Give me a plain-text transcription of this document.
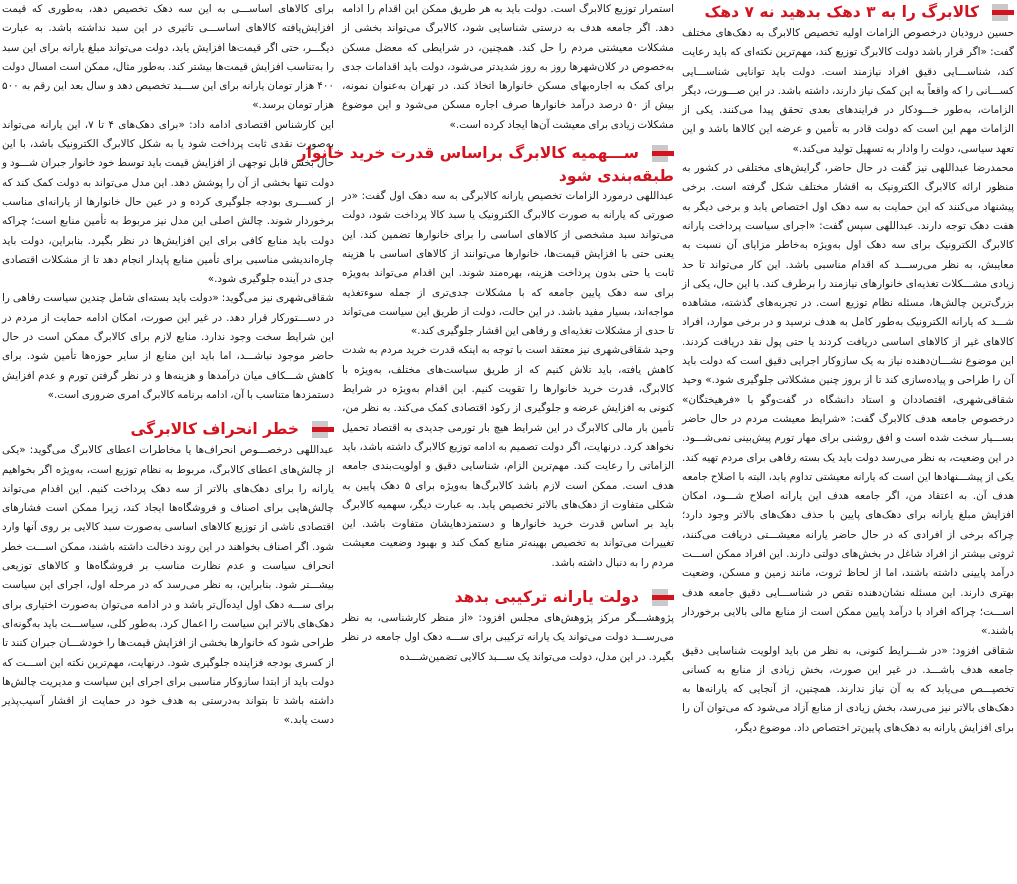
کالابرگ را به ۳ دهک بدهید نه ۷ دهک

حسین درودیان درخصوص الزامات اولیه تخصیص کالابرگ به دهک‌های مختلف گفت: «اگر قرار باشد دولت کالابرگ توزیع کند، مهم‌ترین نکته‌ای که باید رعایت کند، شناســـایی دقیق افراد نیازمند است. دولت باید توانایی شناســـایی کســـانی را که واقعاً به این کمک نیاز دارند، داشته باشد. در این صـــورت، دیگر الزامات، به‌طور خـــودکار در فرایندهای بعدی تحقق پیدا می‌کنند. یکی از الزامات مهم این است که دولت قادر به تأمین و عرضه این کالاها باشد و این تعهد سیاسی، دولت را وادار به تسهیل تولید می‌کند.»

محمدرضا عبداللهی نیز گفت در حال حاضر، گرایش‌های مختلفی در کشور به منظور ارائه کالابرگ الکترونیک به اقشار مختلف شکل گرفته است. برخی پیشنهاد می‌کنند که این حمایت به سه دهک اول اختصاص یابد و برخی دیگر به هفت دهک توجه دارند. عبداللهی سپس گفت: «اجرای سیاست پرداخت یارانه کالابرگ الکترونیک برای سه دهک اول به‌ویژه به‌خاطر مزایای آن نسبت به معایبش، به نظر می‌رســـد که اقدام مناسبی باشد. این کار می‌تواند تا حد زیادی مشـــکلات تغذیه‌ای خانوارهای نیازمند را برطرف کند. با این حال، یکی از بزرگ‌ترین چالش‌ها، مسئله نظام توزیع است. در تجربه‌های گذشته، مشاهده شـــد که یارانه الکترونیک به‌طور کامل به هدف نرسید و در برخی موارد، افراد کالاهای غیر از کالاهای اساسی دریافت کردند یا حتی پول نقد دریافت کردند. این موضوع نشـــان‌دهنده نیاز به یک سازوکار اجرایی دقیق است که دولت باید آن را طراحی و پیاده‌سازی کند تا از بروز چنین مشکلاتی جلوگیری شود.» وحید شقاقی‌شهری، اقتصاددان و استاد دانشگاه در گفت‌وگو با «فرهیختگان» درخصوص جامعه هدف کالابرگ گفت: «شرایط معیشت مردم در حال حاضر بســـیار سخت شده است و افق روشنی برای مهار تورم پیش‌بینی نمی‌شـــود. در این وضعیت، به نظر می‌رسد دولت باید یک بسته رفاهی برای مردم تهیه کند. یکی از پیشـــنهادها این است که یارانه معیشتی تداوم یابد، البته با اصلاح جامعه هدف آن. به اعتقاد من، اگر جامعه هدف این یارانه اصلاح شـــود، امکان افزایش مبلغ یارانه برای دهک‌های پایین با حذف دهک‌های بالاتر وجود دارد؛ چراکه برخی از افرادی که در حال حاضر یارانه معیشـــتی دریافت می‌کنند، ثروتی بیشتر از افراد شاغل در بخش‌های دولتی دارند. این افراد ممکن اســـت درآمد پایینی داشته باشند، اما از لحاظ ثروت، مانند زمین و مسکن، وضعیت بهتری دارند. این مسئله نشان‌دهنده نقص در شناســـایی دقیق جامعه هدف اســـت؛ چراکه افراد با درآمد پایین ممکن است از منابع مالی بالایی برخوردار باشند.»

شقاقی افزود: «در شـــرایط کنونی، به نظر من باید اولویت شناسایی دقیق جامعه هدف باشـــد. در غیر این صورت، بخش زیادی از منابع به کسانی تخصیـــص می‌یابد که به آن نیاز ندارند. همچنین، از آنجایی که یارانه‌ها به دهک‌های بالاتر نیز می‌رسد، بخش زیادی از منابع آزاد می‌شود که می‌توان آن را برای افزایش یارانه به دهک‌های پایین‌تر اختصاص داد. موضوع دیگر،

استمرار توزیع کالابرگ است. دولت باید به هر طریق ممکن این اقدام را ادامه دهد. اگر جامعه هدف به درستی شناسایی شود، کالابرگ می‌تواند بخشی از مشکلات معیشتی مردم را حل کند. همچنین، در شرایطی که معضل مسکن به‌خصوص در کلان‌شهرها روز به روز شدیدتر می‌شود، دولت باید اقدامات جدی برای کمک به اجاره‌بهای مسکن خانوارها اتخاذ کند. در تهران به‌عنوان نمونه، بیش از ۵۰ درصد درآمد خانوارها صرف اجاره مسکن می‌شود و این موضوع مشکلات زیادی برای معیشت آن‌ها ایجاد کرده است.»

ســـهمیه کالابرگ براساس قدرت خرید خانوار
طبقه‌بندی شود

عبداللهی درمورد الزامات تخصیص یارانه کالابرگی به سه دهک اول گفت: «در صورتی که یارانه به صورت کالابرگ الکترونیک یا سبد کالا پرداخت شود، دولت می‌تواند سبد مشخصی از کالاهای اساسی را برای خانوارها تضمین کند. این یعنی حتی با افزایش قیمت‌ها، خانوارها می‌توانند از کالاهای اساسی با هزینه ثابت یا حتی بدون پرداخت هزینه، بهره‌مند شوند. این اقدام می‌تواند به‌ویژه برای سه دهک پایین جامعه که با مشکلات جدی‌تری از جمله سوءتغذیه مواجه‌اند، بسیار مفید باشد. در این حالت، دولت از طریق این سیاست می‌تواند تا حدی از مشکلات تغذیه‌ای و رفاهی این اقشار جلوگیری کند.»

وحید شقاقی‌شهری نیز معتقد است با توجه به اینکه قدرت خرید مردم به شدت کاهش یافته، باید تلاش کنیم که از طریق سیاست‌های مختلف، به‌ویژه با کالابرگ، قدرت خرید خانوارها را تقویت کنیم. این اقدام به‌ویژه در شرایط کنونی به افزایش عرضه و جلوگیری از رکود اقتصادی کمک می‌کند. به نظر من، تأمین بار مالی کالابرگ در این شرایط هیچ بار تورمی جدیدی به اقتصاد تحمیل نخواهد کرد. درنهایت، اگر دولت تصمیم به ادامه توزیع کالابرگ داشته باشد، باید الزاماتی را رعایت کند. مهم‌ترین الزام، شناسایی دقیق و اولویت‌بندی جامعه هدف است. ممکن است لازم باشد کالابرگ‌ها به‌ویژه برای ۵ دهک پایین به شکلی متفاوت از دهک‌های بالاتر تخصیص یابد. به عبارت دیگر، سهمیه کالابرگ باید بر اساس قدرت خرید خانوارها و دستمزدهایشان متفاوت باشد. این تغییرات می‌تواند به تخصیص بهینه‌تر منابع کمک کند و بهبود وضعیت معیشت مردم را به دنبال داشته باشد.

دولت یارانه ترکیبی بدهد

پژوهشـــگر مرکز پژوهش‌های مجلس افزود: «از منظر کارشناسی، به نظر می‌رســـد دولت می‌تواند یک یارانه ترکیبی برای ســـه دهک اول جامعه در نظر بگیرد. در این مدل، دولت می‌تواند یک ســـبد کالایی تضمین‌شـــده

برای کالاهای اساســـی به این سه دهک تخصیص دهد، به‌طوری که قیمت افزایش‌یافته کالاهای اساســـی تاثیری در این سبد نداشته باشد. به عبارت دیگـــر، حتی اگر قیمت‌ها افزایش یابد، دولت می‌تواند مبلغ یارانه برای این سبد را به‌تناسب افزایش قیمت‌ها بیشتر کند. به‌طور مثال، ممکن است امسال دولت ۴۰۰ هزار تومان یارانه برای این ســـبد تخصیص دهد و سال بعد این رقم به ۵۰۰ هزار تومان برسد.»

این کارشناس اقتصادی ادامه داد: «برای دهک‌های ۴ تا ۷، این یارانه می‌تواند به‌صورت نقدی ثابت پرداخت شود یا به شکل کالابرگ الکترونیک باشد، با این حال بخش قابل توجهی از افزایش قیمت باید توسط خود خانوار جبران شـــود و دولت تنها بخشی از آن را پوشش دهد. این مدل می‌تواند به دولت کمک کند که از کســـری بودجه جلوگیری کرده و در عین حال خانوارها از یارانه‌ای مناسب برخوردار شوند. چالش اصلی این مدل نیز مربوط به تأمین منابع است؛ چراکه دولت باید منابع کافی برای این افزایش‌ها در نظر بگیرد. بنابراین، دولت باید چاره‌اندیشی مناسبی برای تأمین منابع پایدار انجام دهد تا از مشکلات اقتصادی جدی در آینده جلوگیری شود.»

شقاقی‌شهری نیز می‌گوید: «دولت باید بسته‌ای شامل چندین سیاست رفاهی را در دســـتورکار قرار دهد. در غیر این صورت، امکان ادامه حمایت از مردم در این شرایط سخت وجود ندارد. منابع لازم برای کالابرگ ممکن است در حال حاضر موجود نباشـــد، اما باید این منابع از سایر حوزه‌ها تأمین شود. برای کاهش شـــکاف میان درآمدها و هزینه‌ها و در نظر گرفتن تورم و عدم افزایش دستمزدها متناسب با آن، ادامه برنامه کالابرگ امری ضروری است.»

خطر انحراف کالابرگی

عبداللهی درخصـــوص انحراف‌ها یا مخاطرات اعطای کالابرگ می‌گوید: «یکی از چالش‌های اعطای کالابرگ، مربوط به نظام توزیع است، به‌ویژه اگر بخواهیم یارانه را برای دهک‌های بالاتر از سه دهک پرداخت کنیم. این اقدام می‌تواند چالش‌هایی برای اصناف و فروشگاه‌ها ایجاد کند، زیرا ممکن است فشارهای اقتصادی ناشی از توزیع کالاهای اساسی به‌صورت سبد کالایی بر روی آنها وارد شود. اگر اصناف بخواهند در این روند دخالت داشته باشند، ممکن اســـت خطر انحراف سیاست و عدم نظارت مناسب بر فروشگاه‌ها و کالاهای توزیعی بیشـــتر شود. بنابراین، به نظر می‌رسد که در مرحله اول، اجرای این سیاست برای ســـه دهک اول ایده‌آل‌تر باشد و در ادامه می‌توان به‌صورت اختیاری برای دهک‌های بالاتر این سیاست را اعمال کرد. به‌طور کلی، سیاســـت باید به‌گونه‌ای طراحی شود که خانوارها بخشی از افزایش قیمت‌ها را خودشـــان جبران کنند تا از کسری بودجه فزاینده جلوگیری شود. درنهایت، مهم‌ترین نکته این اســـت که دولت باید از ابتدا سازوکار مناسبی برای اجرای این سیاست و مدیریت چالش‌ها داشته باشد تا بتواند به‌درستی به هدف خود در حمایت از اقشار آسیب‌پذیر دست یابد.»
